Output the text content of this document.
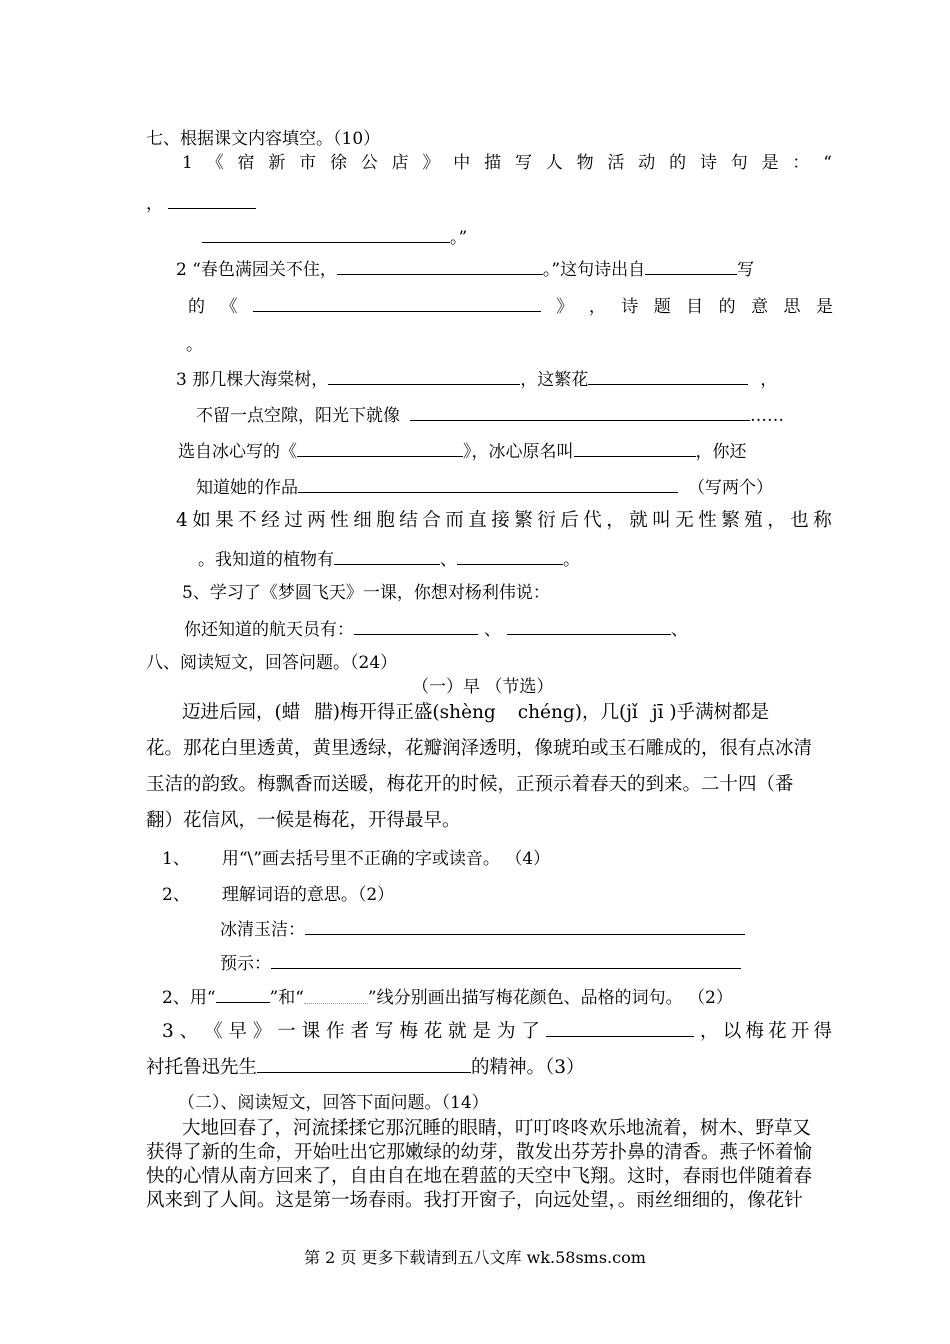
七、根据课文内容填空。（10）
1 《 宿 新 市 徐 公 店 》 中 描 写 人 物 活 动 的 诗 句 是 ： “
，
。”
2 “春色满园关不住，	。”这句诗出自	写
的 《	》 ， 诗 题 目 的 意 思 是
。
3 那几棵大海棠树，	，这繁花	，
不留一点空隙，阳光下就像	……
选自冰心写的《	》，冰心原名叫	，你还
知道她的作品	（写两个）
4 如 果 不 经 过 两 性 细 胞 结 合 而 直 接 繁 衍 后 代 ， 就 叫 无 性 繁 殖 ， 也 称
。我知道的植物有	、	。
5、学习了《梦圆飞天》一课，你想对杨利伟说：
你还知道的航天员有：	、	、
八、阅读短文，回答问题。（24）
（一）早 （节选）
迈进后园，(蜡 腊)梅开得正盛(shèng chéng)，几(jǐ jī )乎满树都是
花。那花白里透黄，黄里透绿，花瓣润泽透明，像琥珀或玉石雕成的，很有点冰清
玉洁的韵致。梅飘香而送暖，梅花开的时候，正预示着春天的到来。二十四（番
翻）花信风，一候是梅花，开得最早。
1、 用“\”画去括号里不正确的字或读音。 （4）
2、 理解词语的意思。（2）
冰清玉洁：
预示：
2、用“	”和“	”线分别画出描写梅花颜色、品格的词句。 （2）
3 、 《 早 》 一 课 作 者 写 梅 花 就 是 为 了	， 以 梅 花 开 得
衬托鲁迅先生	的精神。（3）
（二）、阅读短文，回答下面问题。（14）
大地回春了，河流揉揉它那沉睡的眼睛，叮叮咚咚欢乐地流着，树木、野草又
获得了新的生命，开始吐出它那嫩绿的幼芽，散发出芬芳扑鼻的清香。燕子怀着愉
快的心情从南方回来了，自由自在地在碧蓝的天空中飞翔。这时，春雨也伴随着春
风来到了人间。这是第一场春雨。我打开窗子，向远处望，。雨丝细细的，像花针
第 2 页 更多下载请到五八文库 wk.58sms.com
